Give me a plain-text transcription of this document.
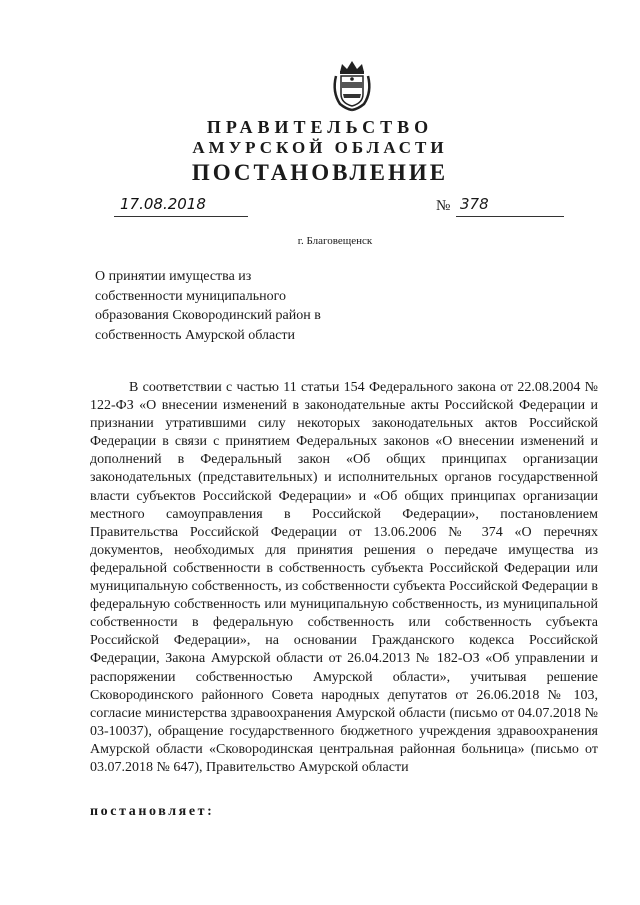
ПРАВИТЕЛЬСТВО
АМУРСКОЙ ОБЛАСТИ
ПОСТАНОВЛЕНИЕ
17.08.2018	№ 378
г. Благовещенск
О принятии имущества из
собственности муниципального
образования Сковородинский район в
собственность Амурской области

В соответствии с частью 11 статьи 154 Федерального закона от 22.08.2004 № 122-ФЗ «О внесении изменений в законодательные акты Российской Федерации и признании утратившими силу некоторых законодательных актов Российской Федерации в связи с принятием Федеральных законов «О внесении изменений и дополнений в Федеральный закон «Об общих принципах организации законодательных (представительных) и исполнительных органов государственной власти субъектов Российской Федерации» и «Об общих принципах организации местного самоуправления в Российской Федерации», постановлением Правительства Российской Федерации от 13.06.2006 № 374 «О перечнях документов, необходимых для принятия решения о передаче имущества из федеральной собственности в собственность субъекта Российской Федерации или муниципальную собственность, из собственности субъекта Российской Федерации в федеральную собственность или муниципальную собственность, из муниципальной собственности в федеральную собственность или собственность субъекта Российской Федерации», на основании Гражданского кодекса Российской Федерации, Закона Амурской области от 26.04.2013 № 182-ОЗ «Об управлении и распоряжении собственностью Амурской области», учитывая решение Сковородинского районного Совета народных депутатов от 26.06.2018 № 103, согласие министерства здравоохранения Амурской области (письмо от 04.07.2018 № 03-10037), обращение государственного бюджетного учреждения здравоохранения Амурской области «Сковородинская центральная районная больница» (письмо от 03.07.2018 № 647), Правительство Амурской области

постановляет:
